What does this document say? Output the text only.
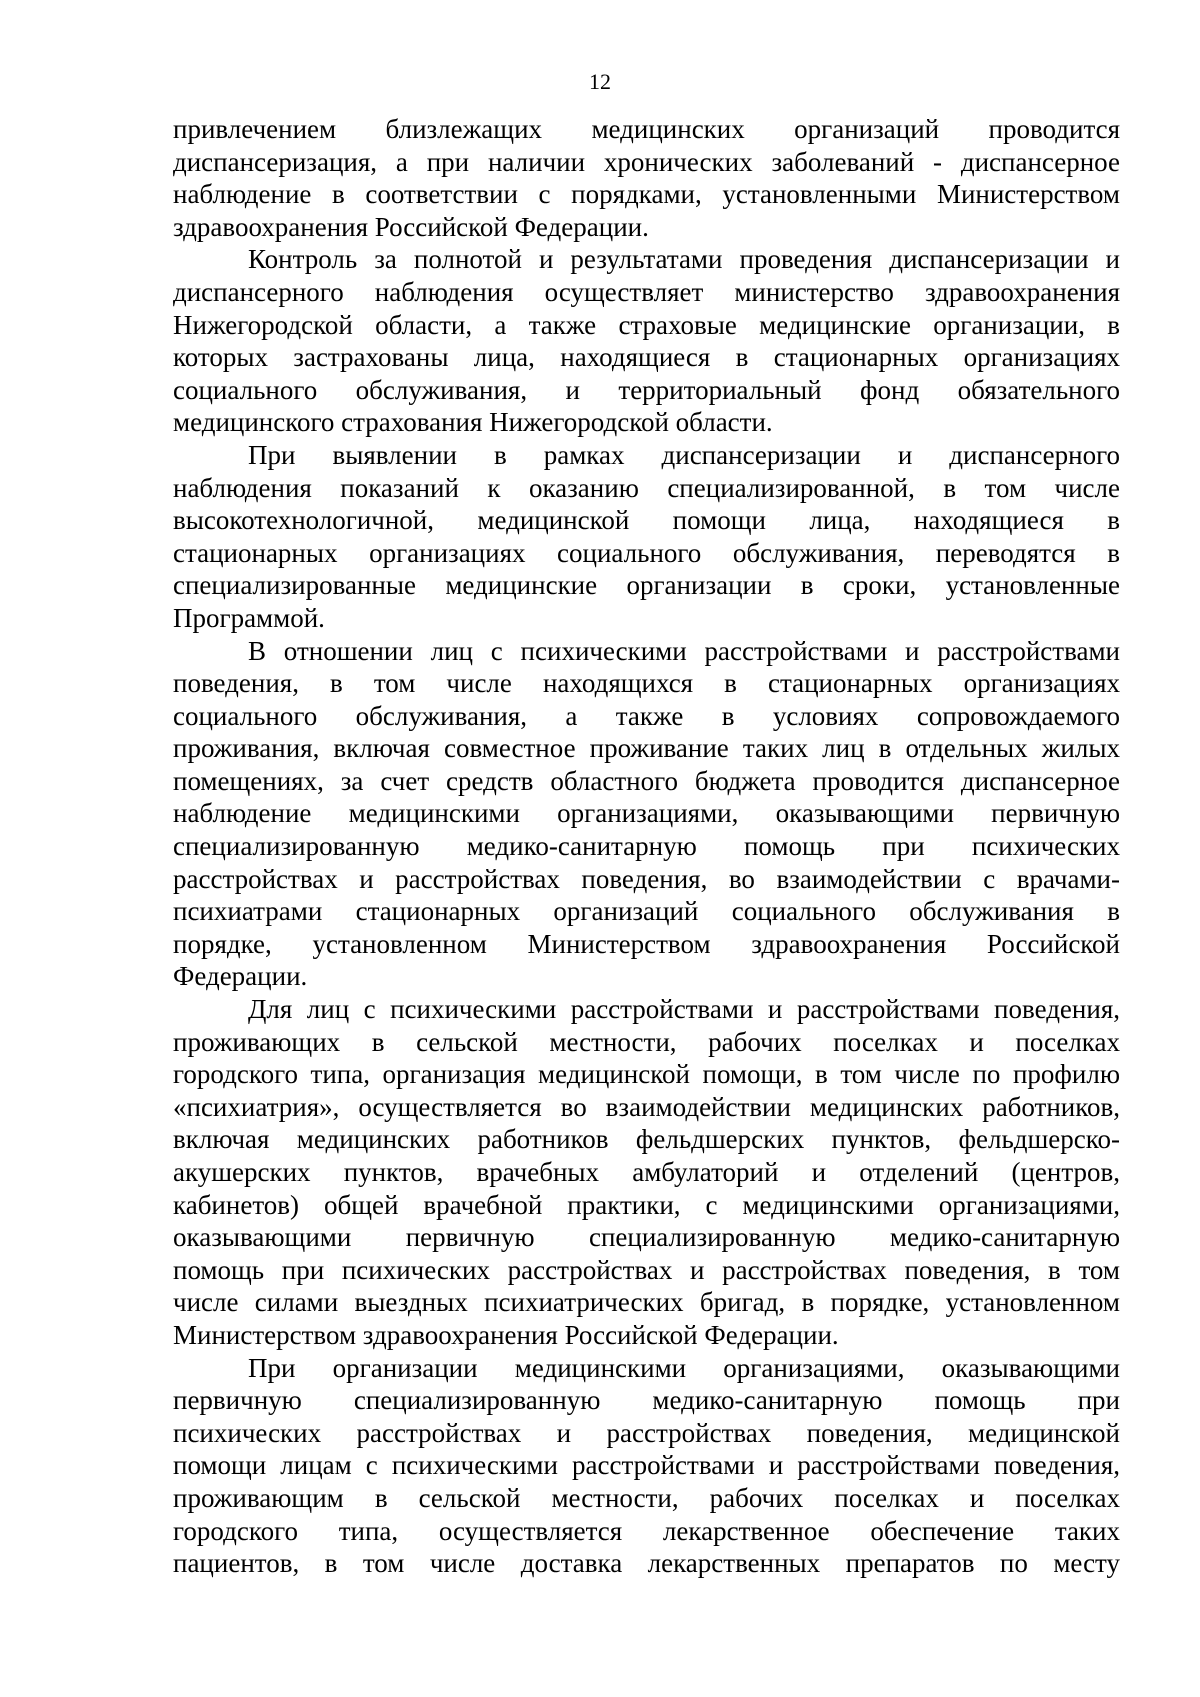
12
привлечением близлежащих медицинских организаций проводится
диспансеризация, а при наличии хронических заболеваний - диспансерное
наблюдение в соответствии с порядками, установленными Министерством
здравоохранения Российской Федерации.
Контроль за полнотой и результатами проведения диспансеризации и
диспансерного наблюдения осуществляет министерство здравоохранения
Нижегородской области, а также страховые медицинские организации, в
которых застрахованы лица, находящиеся в стационарных организациях
социального обслуживания, и территориальный фонд обязательного
медицинского страхования Нижегородской области.
При выявлении в рамках диспансеризации и диспансерного
наблюдения показаний к оказанию специализированной, в том числе
высокотехнологичной, медицинской помощи лица, находящиеся в
стационарных организациях социального обслуживания, переводятся в
специализированные медицинские организации в сроки, установленные
Программой.
В отношении лиц с психическими расстройствами и расстройствами
поведения, в том числе находящихся в стационарных организациях
социального обслуживания, а также в условиях сопровождаемого
проживания, включая совместное проживание таких лиц в отдельных жилых
помещениях, за счет средств областного бюджета проводится диспансерное
наблюдение медицинскими организациями, оказывающими первичную
специализированную медико-санитарную помощь при психических
расстройствах и расстройствах поведения, во взаимодействии с врачами-
психиатрами стационарных организаций социального обслуживания в
порядке, установленном Министерством здравоохранения Российской
Федерации.
Для лиц с психическими расстройствами и расстройствами поведения,
проживающих в сельской местности, рабочих поселках и поселках
городского типа, организация медицинской помощи, в том числе по профилю
«психиатрия», осуществляется во взаимодействии медицинских работников,
включая медицинских работников фельдшерских пунктов, фельдшерско-
акушерских пунктов, врачебных амбулаторий и отделений (центров,
кабинетов) общей врачебной практики, с медицинскими организациями,
оказывающими первичную специализированную медико-санитарную
помощь при психических расстройствах и расстройствах поведения, в том
числе силами выездных психиатрических бригад, в порядке, установленном
Министерством здравоохранения Российской Федерации.
При организации медицинскими организациями, оказывающими
первичную специализированную медико-санитарную помощь при
психических расстройствах и расстройствах поведения, медицинской
помощи лицам с психическими расстройствами и расстройствами поведения,
проживающим в сельской местности, рабочих поселках и поселках
городского типа, осуществляется лекарственное обеспечение таких
пациентов, в том числе доставка лекарственных препаратов по месту
